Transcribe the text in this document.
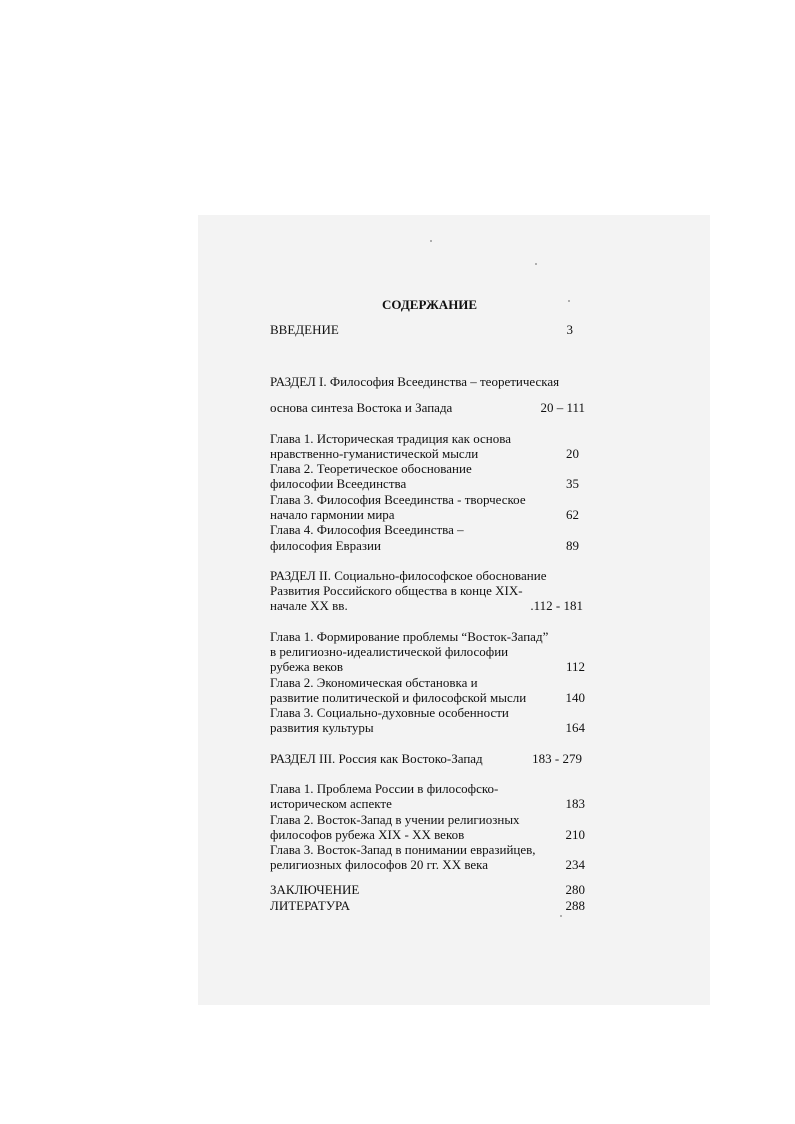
СОДЕРЖАНИЕ
ВВЕДЕНИЕ	3
РАЗДЕЛ I. Философия Всеединства – теоретическая
основа синтеза Востока и Запада	20 – 111
Глава 1. Историческая традиция как основа
нравственно-гуманистической мысли	20
Глава 2. Теоретическое обоснование
философии Всеединства	35
Глава 3. Философия Всеединства - творческое
начало гармонии мира	62
Глава 4. Философия Всеединства –
философия Евразии	89
РАЗДЕЛ II. Социально-философское обоснование
Развития Российского общества в конце XIX-
начале XX вв.	.112 - 181
Глава 1. Формирование проблемы “Восток-Запад”
в религиозно-идеалистической философии
рубежа веков	112
Глава 2. Экономическая обстановка и
развитие политической и философской мысли	140
Глава 3. Социально-духовные особенности
развития культуры	164
РАЗДЕЛ III. Россия как Востоко-Запад	183 - 279
Глава 1. Проблема России в философско-
историческом аспекте	183
Глава 2. Восток-Запад в учении религиозных
философов рубежа XIX - XX веков	210
Глава 3. Восток-Запад в понимании евразийцев,
религиозных философов 20 гг. XX века	234
ЗАКЛЮЧЕНИЕ	280
ЛИТЕРАТУРА	288
